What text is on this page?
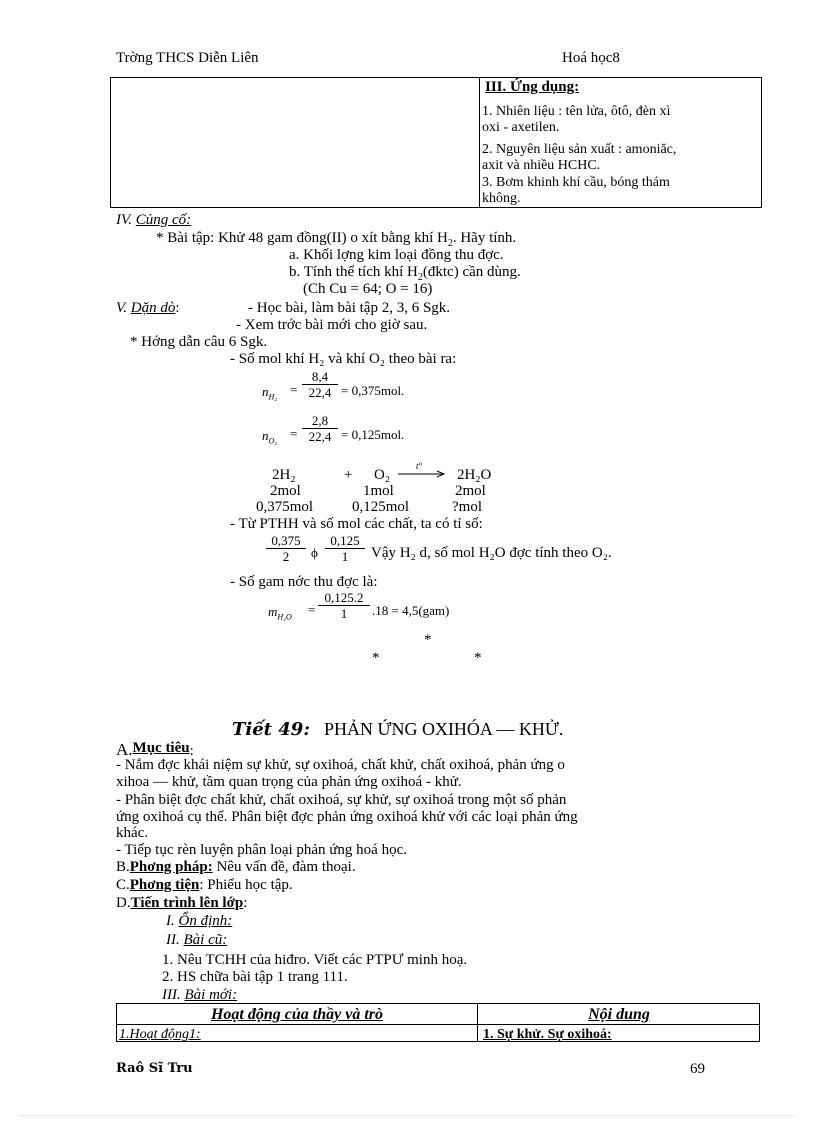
Trờng THCS Diễn Liên	Hoá học8
III. Ứng dụng:
1. Nhiên liệu : tên lửa, ôtô, đèn xì
oxi - axetilen.
2. Nguyên liệu sản xuất : amoniăc,
axit và nhiều HCHC.
3. Bơm khinh khí cầu, bóng thám
không.
IV. Củng cố:
* Bài tập: Khử 48 gam đồng(II) o xít bằng khí $H_2$. Hãy tính.
a. Khối lợng kim loại đồng thu đợc.
b. Tính thể tích khí $H_2(đktc)$ cần dùng.
(Ch Cu = 64; O = 16)
V. Dặn dò:	- Học bài, làm bài tập 2, 3, 6 Sgk.
- Xem trớc bài mới cho giờ sau.
* Hớng dẫn câu 6 Sgk.
- Số mol khí H₂ và khí O₂ theo bài ra:
$n_{H_2}$
= $\frac{8,4}{22,4} = 0,375mol$.
$n_{O_2}$
= $\frac{2,8}{22,4} = 0,125mol$.
2H₂	+ O₂
t°
→ 2H₂O
2mol	1mol	2mol
0,375mol	0,125mol	?mol
- Từ PTHH và số mol các chất, ta có tỉ số:
$\frac{0,375}{2}$ ϕ $\frac{0,125}{1}$ Vậy H₂ d, số mol H₂O đợc tính theo O₂.
- Số gam nớc thu đợc là:
$m_{H_2O}$
= $\frac{0,125.2}{1} .18 = 4,5(gam)$
*
*	*
Tiết 49: PHẢN ỨNG OXIHÓA — KHỬ.
A.Mục tiêu:
- Nắm đợc khái niệm sự khử, sự oxihoá, chất khử, chất oxihoá, phản ứng o
xihoa — khử, tầm quan trọng của phản ứng oxihoá - khử.
- Phân biệt đợc chất khử, chất oxihoá, sự khử, sự oxihoá trong một số phản
ứng oxihoá cụ thể. Phân biệt đợc phản ứng oxihoá khử với các loại phản ứng
khác.
- Tiếp tục rèn luyện phân loại phản ứng hoá học.
B.Phơng pháp: Nêu vấn đề, đàm thoại.
C.Phơng tiện: Phiếu học tập.
D.Tiến trình lên lớp:
I. Ổn định:
II. Bài cũ:
1. Nêu TCHH của hiđro. Viết các PTPƯ minh hoạ.
2. HS chữa bài tập 1 trang 111.
III. Bài mới:
Hoạt động của thầy và trò	Nội dung
1.Hoạt động1:	1. Sự khử. Sự oxihoá:
Raô Sĩ Tru	69
